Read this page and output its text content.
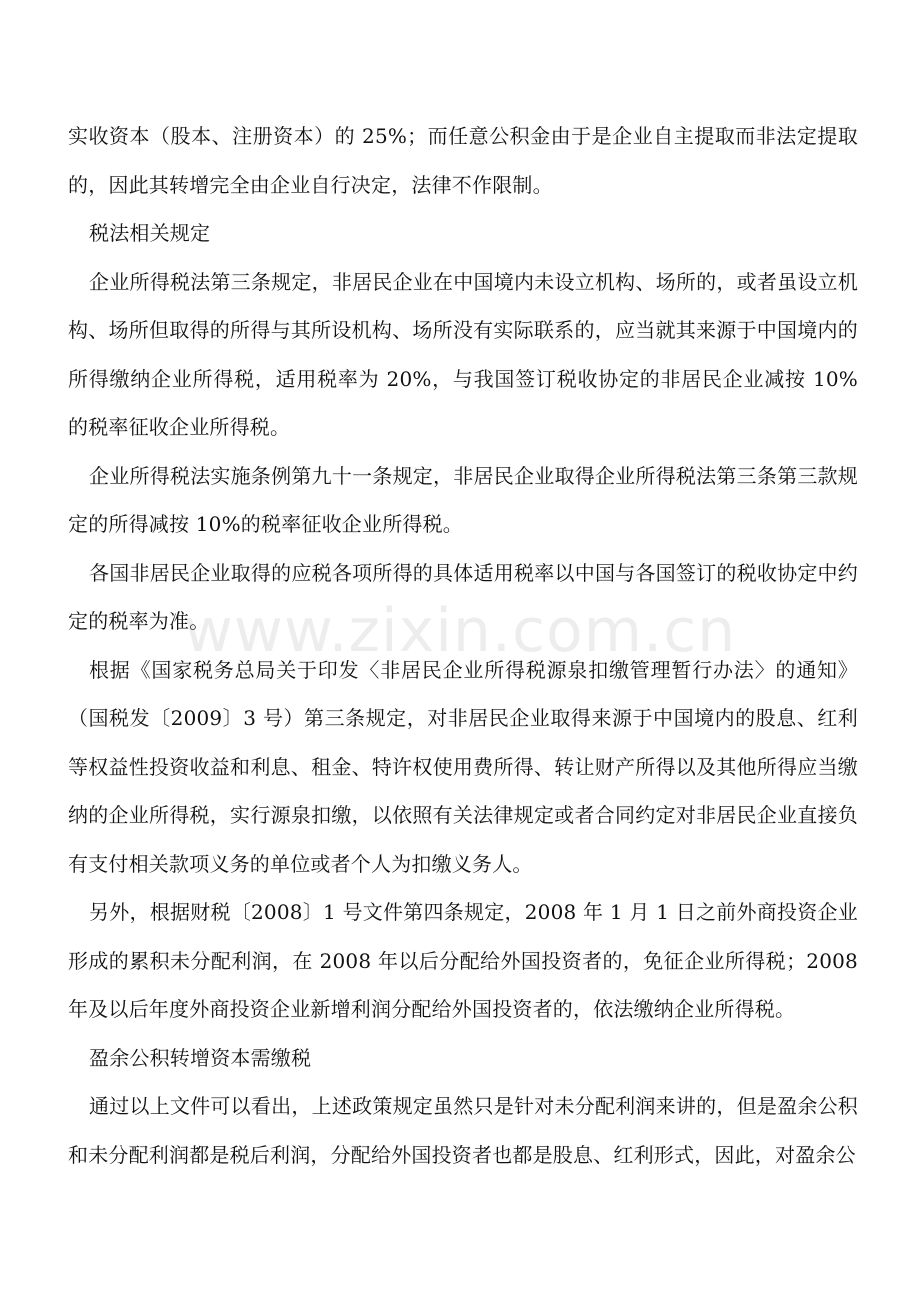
实收资本（股本、注册资本）的 25%；而任意公积金由于是企业自主提取而非法定提取的，因此其转增完全由企业自行决定，法律不作限制。

税法相关规定

企业所得税法第三条规定，非居民企业在中国境内未设立机构、场所的，或者虽设立机构、场所但取得的所得与其所设机构、场所没有实际联系的，应当就其来源于中国境内的所得缴纳企业所得税，适用税率为 20%，与我国签订税收协定的非居民企业减按 10%的税率征收企业所得税。

企业所得税法实施条例第九十一条规定，非居民企业取得企业所得税法第三条第三款规定的所得减按 10%的税率征收企业所得税。

各国非居民企业取得的应税各项所得的具体适用税率以中国与各国签订的税收协定中约定的税率为准。

根据《国家税务总局关于印发〈非居民企业所得税源泉扣缴管理暂行办法〉的通知》（国税发〔2009〕3 号）第三条规定，对非居民企业取得来源于中国境内的股息、红利等权益性投资收益和利息、租金、特许权使用费所得、转让财产所得以及其他所得应当缴纳的企业所得税，实行源泉扣缴，以依照有关法律规定或者合同约定对非居民企业直接负有支付相关款项义务的单位或者个人为扣缴义务人。

另外，根据财税〔2008〕1 号文件第四条规定，2008 年 1 月 1 日之前外商投资企业形成的累积未分配利润，在 2008 年以后分配给外国投资者的，免征企业所得税；2008 年及以后年度外商投资企业新增利润分配给外国投资者的，依法缴纳企业所得税。

盈余公积转增资本需缴税

通过以上文件可以看出，上述政策规定虽然只是针对未分配利润来讲的，但是盈余公积和未分配利润都是税后利润，分配给外国投资者也都是股息、红利形式，因此，对盈余公

www.zixin.com.cn
